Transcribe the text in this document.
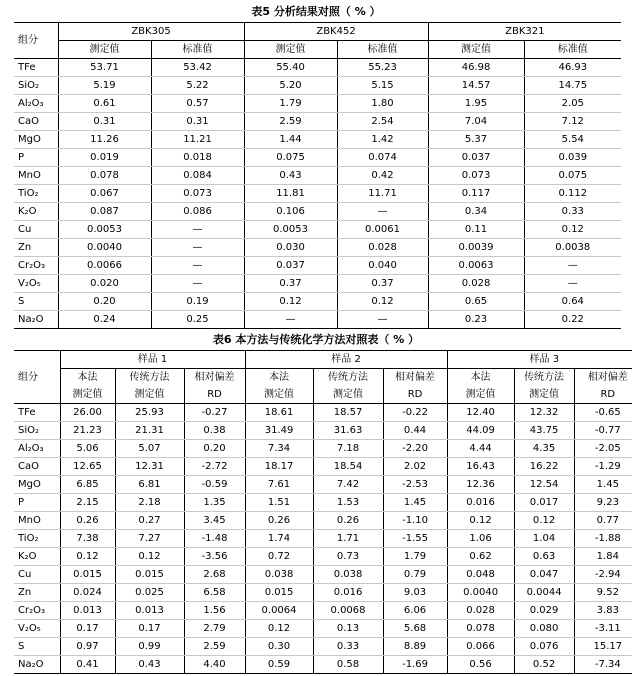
表5 分析结果对照（ % ）
组分	ZBK305		ZBK452		ZBK321	
	测定值	标准值	测定值	标准值	测定值	标准值
TFe	53.71	53.42	55.40	55.23	46.98	46.93
SiO₂	5.19	5.22	5.20	5.15	14.57	14.75
Al₂O₃	0.61	0.57	1.79	1.80	1.95	2.05
CaO	0.31	0.31	2.59	2.54	7.04	7.12
MgO	11.26	11.21	1.44	1.42	5.37	5.54
P	0.019	0.018	0.075	0.074	0.037	0.039
MnO	0.078	0.084	0.43	0.42	0.073	0.075
TiO₂	0.067	0.073	11.81	11.71	0.117	0.112
K₂O	0.087	0.086	0.106	—	0.34	0.33
Cu	0.0053	—	0.0053	0.0061	0.11	0.12
Zn	0.0040	—	0.030	0.028	0.0039	0.0038
Cr₂O₃	0.0066	—	0.037	0.040	0.0063	—
V₂O₅	0.020	—	0.37	0.37	0.028	—
S	0.20	0.19	0.12	0.12	0.65	0.64
Na₂O	0.24	0.25	—	—	0.23	0.22
表6 本方法与传统化学方法对照表（ % ）
组分	样品 1			样品 2			样品 3		
	本法	传统方法	相对偏差	本法	传统方法	相对偏差	本法	传统方法	相对偏差
	测定值	测定值	RD	测定值	测定值	RD	测定值	测定值	RD
TFe	26.00	25.93	-0.27	18.61	18.57	-0.22	12.40	12.32	-0.65
SiO₂	21.23	21.31	0.38	31.49	31.63	0.44	44.09	43.75	-0.77
Al₂O₃	5.06	5.07	0.20	7.34	7.18	-2.20	4.44	4.35	-2.05
CaO	12.65	12.31	-2.72	18.17	18.54	2.02	16.43	16.22	-1.29
MgO	6.85	6.81	-0.59	7.61	7.42	-2.53	12.36	12.54	1.45
P	2.15	2.18	1.35	1.51	1.53	1.45	0.016	0.017	9.23
MnO	0.26	0.27	3.45	0.26	0.26	-1.10	0.12	0.12	0.77
TiO₂	7.38	7.27	-1.48	1.74	1.71	-1.55	1.06	1.04	-1.88
K₂O	0.12	0.12	-3.56	0.72	0.73	1.79	0.62	0.63	1.84
Cu	0.015	0.015	2.68	0.038	0.038	0.79	0.048	0.047	-2.94
Zn	0.024	0.025	6.58	0.015	0.016	9.03	0.0040	0.0044	9.52
Cr₂O₃	0.013	0.013	1.56	0.0064	0.0068	6.06	0.028	0.029	3.83
V₂O₅	0.17	0.17	2.79	0.12	0.13	5.68	0.078	0.080	-3.11
S	0.97	0.99	2.59	0.30	0.33	8.89	0.066	0.076	15.17
Na₂O	0.41	0.43	4.40	0.59	0.58	-1.69	0.56	0.52	-7.34
